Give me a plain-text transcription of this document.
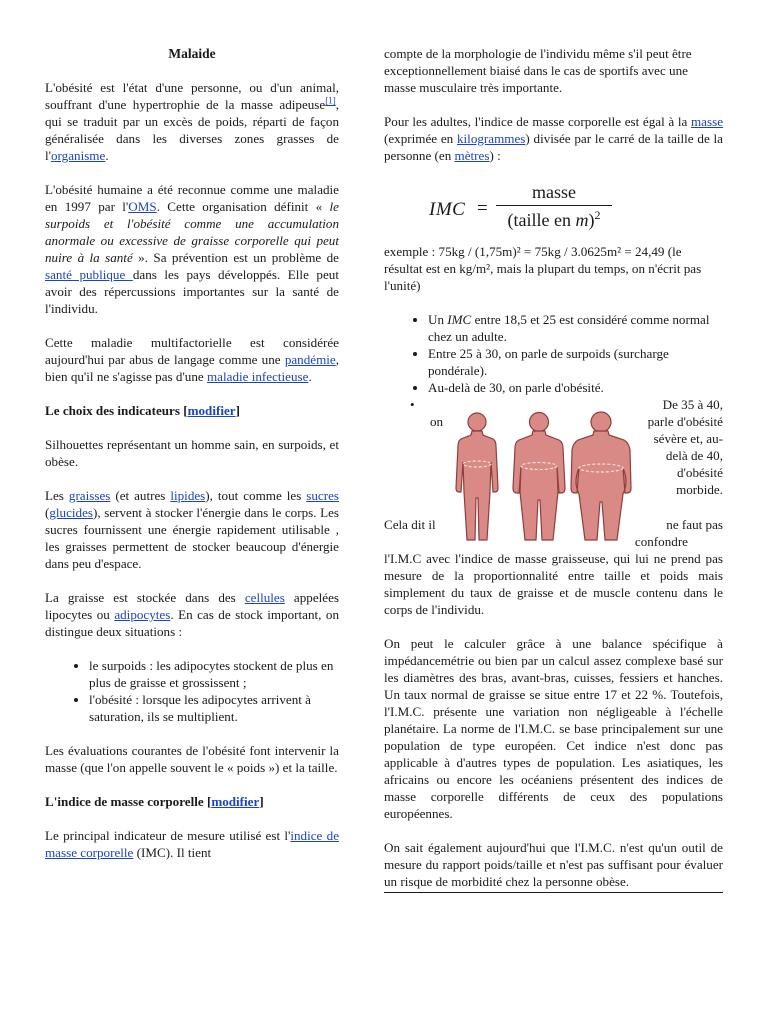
Malaide

L'obésité est l'état d'une personne, ou d'un animal, souffrant d'une hypertrophie de la masse adipeuse[1], qui se traduit par un excès de poids, réparti de façon généralisée dans les diverses zones grasses de l'organisme.

L'obésité humaine a été reconnue comme une maladie en 1997 par l'OMS. Cette organisation définit « le surpoids et l'obésité comme une accumulation anormale ou excessive de graisse corporelle qui peut nuire à la santé ». Sa prévention est un problème de santé publique dans les pays développés. Elle peut avoir des répercussions importantes sur la santé de l'individu.

Cette maladie multifactorielle est considérée aujourd'hui par abus de langage comme une pandémie, bien qu'il ne s'agisse pas d'une maladie infectieuse.

Le choix des indicateurs [modifier]

Silhouettes représentant un homme sain, en surpoids, et obèse.

Les graisses (et autres lipides), tout comme les sucres (glucides), servent à stocker l'énergie dans le corps. Les sucres fournissent une énergie rapidement utilisable , les graisses permettent de stocker beaucoup d'énergie dans peu d'espace.

La graisse est stockée dans des cellules appelées lipocytes ou adipocytes. En cas de stock important, on distingue deux situations :

• le surpoids : les adipocytes stockent de plus en plus de graisse et grossissent ;
• l'obésité : lorsque les adipocytes arrivent à saturation, ils se multiplient.

Les évaluations courantes de l'obésité font intervenir la masse (que l'on appelle souvent le « poids ») et la taille.

L'indice de masse corporelle [modifier]

Le principal indicateur de mesure utilisé est l'indice de masse corporelle (IMC). Il tient

compte de la morphologie de l'individu même s'il peut être exceptionnellement biaisé dans le cas de sportifs avec une masse musculaire très importante.

Pour les adultes, l'indice de masse corporelle est égal à la masse (exprimée en kilogrammes) divisée par le carré de la taille de la personne (en mètres) :

IMC =
masse
(taille en m)$^2$

exemple : 75kg / (1,75m)² = 75kg / 3.0625m² = 24,49 (le résultat est en kg/m², mais la plupart du temps, on n'écrit pas l'unité)

• Un IMC entre 18,5 et 25 est considéré comme normal chez un adulte.
• Entre 25 à 30, on parle de surpoids (surcharge pondérale).
• Au-delà de 30, on parle d'obésité.
•
on
De 35 à 40,
parle d'obésité
sévère et, au-
delà de 40,
d'obésité
morbide.
Cela dit il	ne faut pas
confondre

l'I.M.C avec l'indice de masse graisseuse, qui lui ne prend pas mesure de la proportionnalité entre taille et poids mais simplement du taux de graisse et de muscle contenu dans le corps de l'individu.

On peut le calculer grâce à une balance spécifique à impédancemétrie ou bien par un calcul assez complexe basé sur les diamètres des bras, avant-bras, cuisses, fessiers et hanches. Un taux normal de graisse se situe entre 17 et 22 %. Toutefois, l'I.M.C. présente une variation non négligeable à l'échelle planétaire. La norme de l'I.M.C. se base principalement sur une population de type européen. Cet indice n'est donc pas applicable à d'autres types de population. Les asiatiques, les africains ou encore les océaniens présentent des indices de masse corporelle différents de ceux des populations européennes.

On sait également aujourd'hui que l'I.M.C. n'est qu'un outil de mesure du rapport poids/taille et n'est pas suffisant pour évaluer un risque de morbidité chez la personne obèse.
